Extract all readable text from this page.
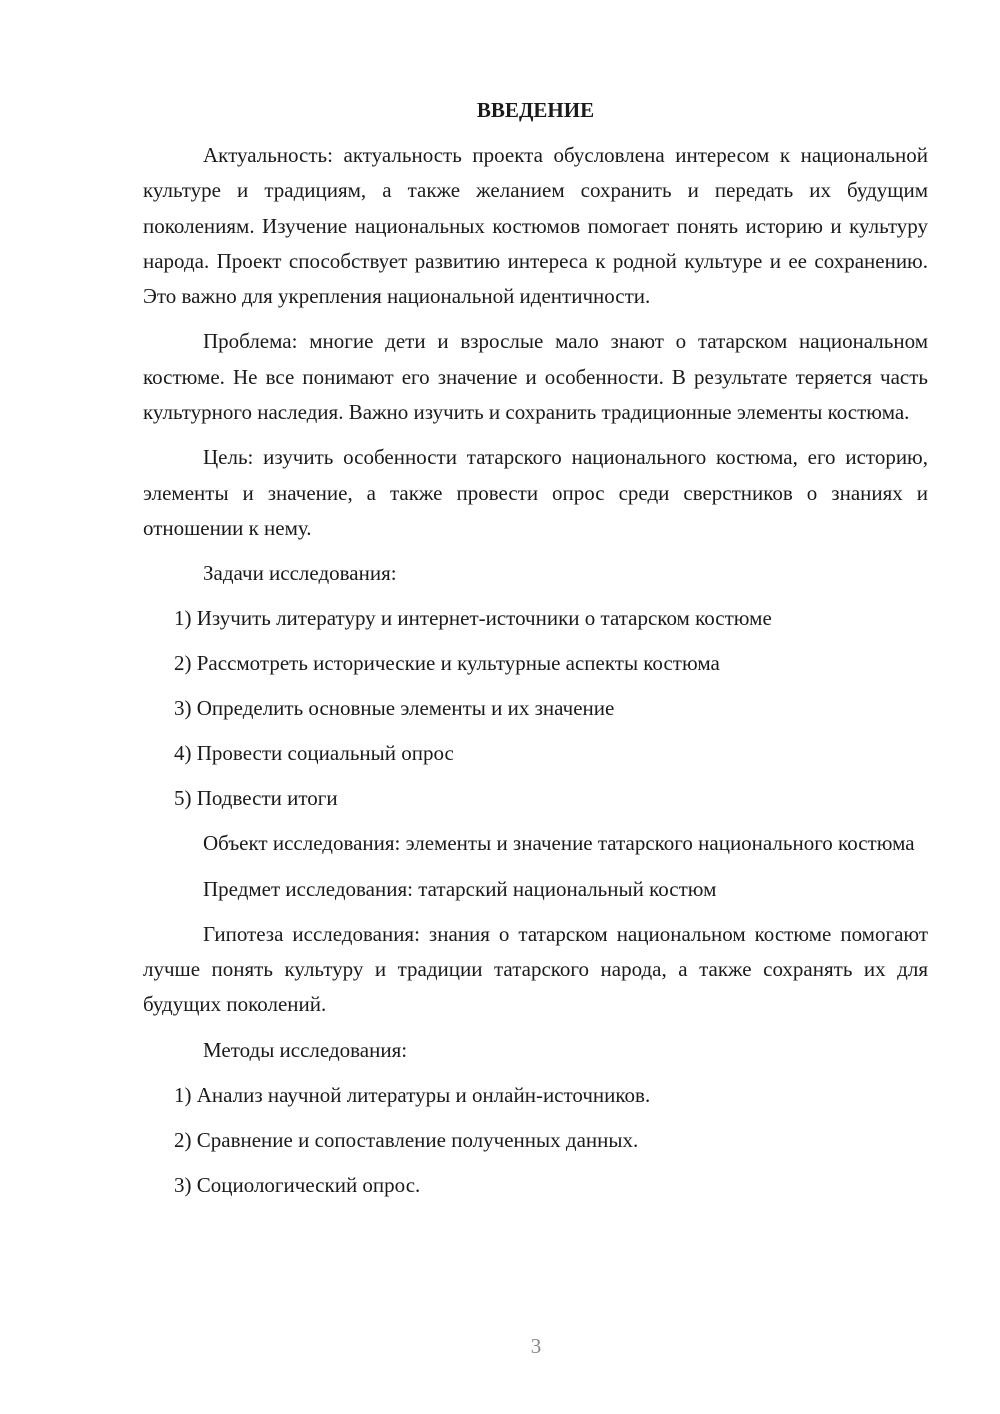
ВВЕДЕНИЕ

Актуальность: актуальность проекта обусловлена интересом к национальной культуре и традициям, а также желанием сохранить и передать их будущим поколениям. Изучение национальных костюмов помогает понять историю и культуру народа. Проект способствует развитию интереса к родной культуре и ее сохранению. Это важно для укрепления национальной идентичности.

Проблема: многие дети и взрослые мало знают о татарском национальном костюме. Не все понимают его значение и особенности. В результате теряется часть культурного наследия. Важно изучить и сохранить традиционные элементы костюма.

Цель: изучить особенности татарского национального костюма, его историю, элементы и значение, а также провести опрос среди сверстников о знаниях и отношении к нему.

Задачи исследования:
1) Изучить литературу и интернет-источники о татарском костюме
2) Рассмотреть исторические и культурные аспекты костюма
3) Определить основные элементы и их значение
4) Провести социальный опрос
5) Подвести итоги

Объект исследования: элементы и значение татарского национального костюма

Предмет исследования: татарский национальный костюм

Гипотеза исследования: знания о татарском национальном костюме помогают лучше понять культуру и традиции татарского народа, а также сохранять их для будущих поколений.

Методы исследования:
1) Анализ научной литературы и онлайн-источников.
2) Сравнение и сопоставление полученных данных.
3) Социологический опрос.
3
